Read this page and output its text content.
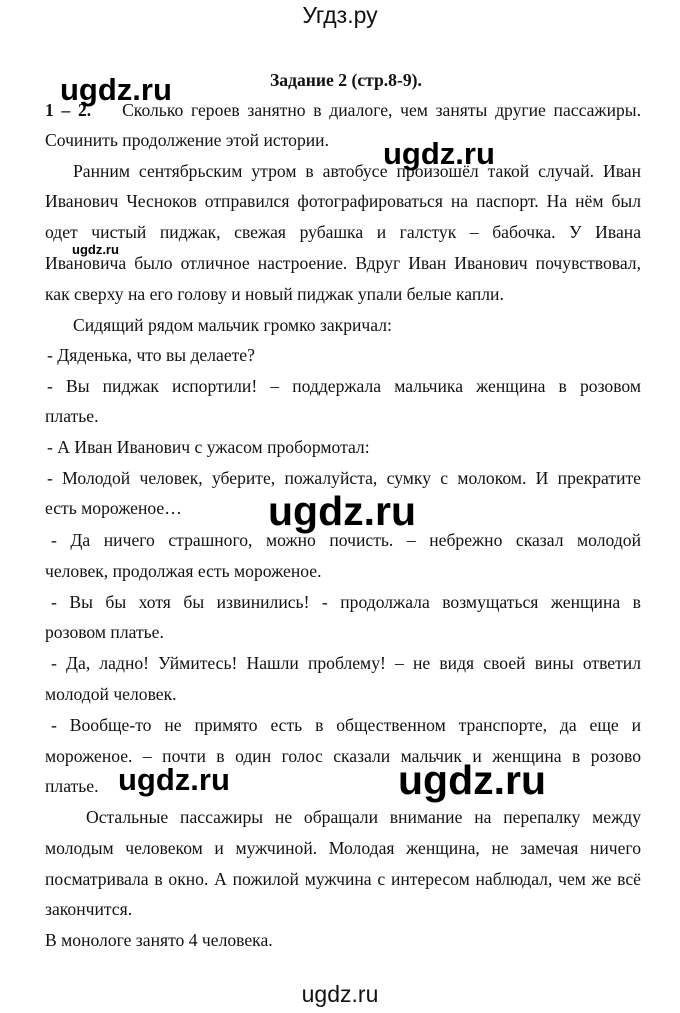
Угдз.ру
Задание 2 (стр.8-9).
1 – 2. Сколько героев занятно в диалоге, чем заняты другие пассажиры.
Сочинить продолжение этой истории.
Ранним сентябрьским утром в автобусе произошёл такой случай. Иван
Иванович Чесноков отправился фотографироваться на паспорт. На нём был
одет чистый пиджак, свежая рубашка и галстук – бабочка. У Ивана
Ивановича было отличное настроение. Вдруг Иван Иванович почувствовал,
как сверху на его голову и новый пиджак упали белые капли.
Сидящий рядом мальчик громко закричал:
- Дяденька, что вы делаете?
- Вы пиджак испортили! – поддержала мальчика женщина в розовом
платье.
- А Иван Иванович с ужасом пробормотал:
- Молодой человек, уберите, пожалуйста, сумку с молоком. И прекратите
есть мороженое…
- Да ничего страшного, можно почисть. – небрежно сказал молодой
человек, продолжая есть мороженое.
- Вы бы хотя бы извинились! - продолжала возмущаться женщина в
розовом платье.
- Да, ладно! Уймитесь! Нашли проблему! – не видя своей вины ответил
молодой человек.
- Вообще-то не примято есть в общественном транспорте, да еще и
мороженое. – почти в один голос сказали мальчик и женщина в розово
платье.
Остальные пассажиры не обращали внимание на перепалку между
молодым человеком и мужчиной. Молодая женщина, не замечая ничего
посматривала в окно. А пожилой мужчина с интересом наблюдал, чем же всё
закончится.
В монологе занято 4 человека.
ugdz.ru
ugdz.ru
ugdz.ru
ugdz.ru
ugdz.ru	ugdz.ru
ugdz.ru
